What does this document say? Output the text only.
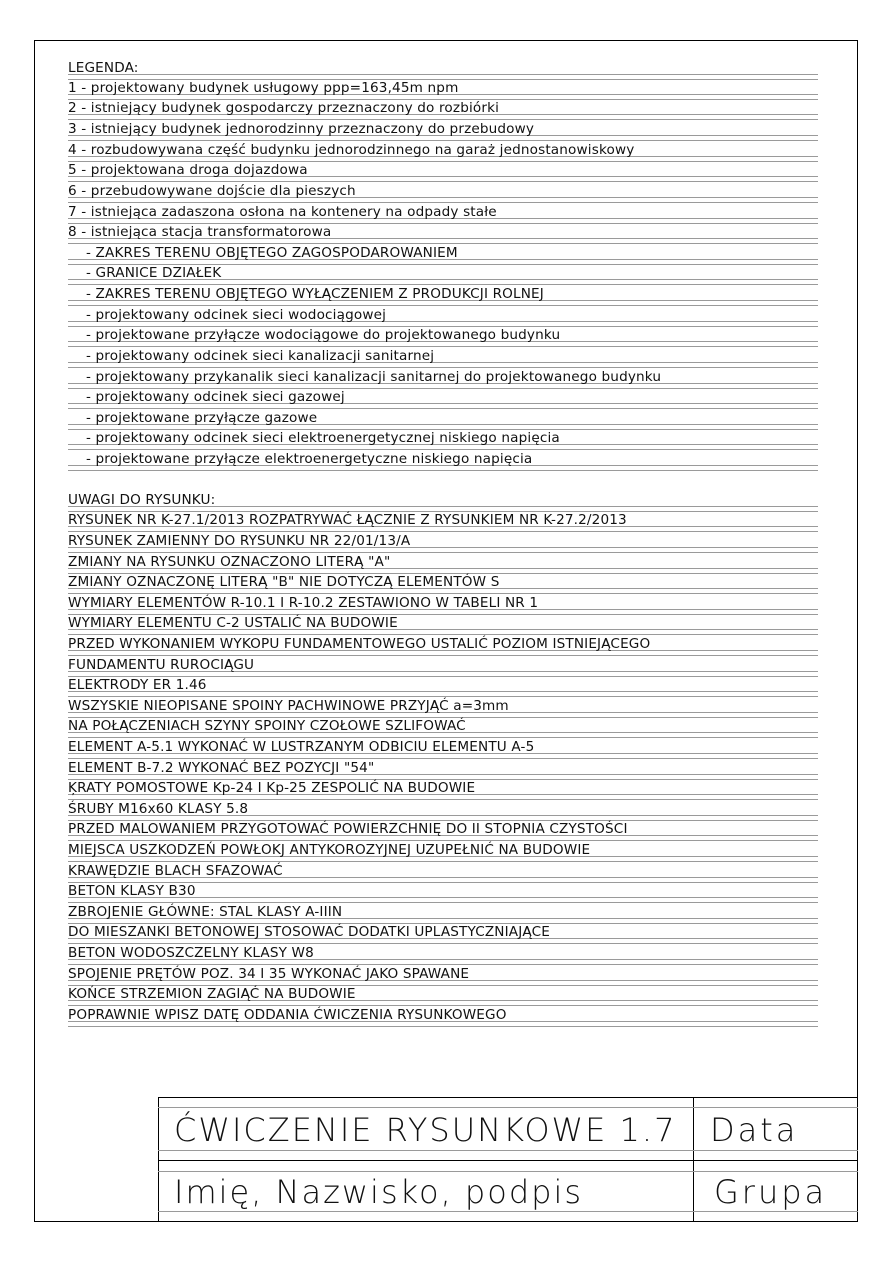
LEGENDA:
1 - projektowany budynek usługowy ppp=163,45m npm
2 - istniejący budynek gospodarczy przeznaczony do rozbiórki
3 - istniejący budynek jednorodzinny przeznaczony do przebudowy
4 - rozbudowywana część budynku jednorodzinnego na garaż jednostanowiskowy
5 - projektowana droga dojazdowa
6 - przebudowywane dojście dla pieszych
7 - istniejąca zadaszona osłona na kontenery na odpady stałe
8 - istniejąca stacja transformatorowa
- ZAKRES TERENU OBJĘTEGO ZAGOSPODAROWANIEM
- GRANICE DZIAŁEK
- ZAKRES TERENU OBJĘTEGO WYŁĄCZENIEM Z PRODUKCJI ROLNEJ
- projektowany odcinek sieci wodociągowej
- projektowane przyłącze wodociągowe do projektowanego budynku
- projektowany odcinek sieci kanalizacji sanitarnej
- projektowany przykanalik sieci kanalizacji sanitarnej do projektowanego budynku
- projektowany odcinek sieci gazowej
- projektowane przyłącze gazowe
- projektowany odcinek sieci elektroenergetycznej niskiego napięcia
- projektowane przyłącze elektroenergetyczne niskiego napięcia
UWAGI DO RYSUNKU:
RYSUNEK NR K-27.1/2013 ROZPATRYWAĆ ŁĄCZNIE Z RYSUNKIEM NR K-27.2/2013
RYSUNEK ZAMIENNY DO RYSUNKU NR 22/01/13/A
ZMIANY NA RYSUNKU OZNACZONO LITERĄ "A"
ZMIANY OZNACZONĘ LITERĄ "B" NIE DOTYCZĄ ELEMENTÓW S
WYMIARY ELEMENTÓW R-10.1 I R-10.2 ZESTAWIONO W TABELI NR 1
WYMIARY ELEMENTU C-2 USTALIĆ NA BUDOWIE
PRZED WYKONANIEM WYKOPU FUNDAMENTOWEGO USTALIĆ POZIOM ISTNIEJĄCEGO
FUNDAMENTU RUROCIĄGU
ELEKTRODY ER 1.46
WSZYSKIE NIEOPISANE SPOINY PACHWINOWE PRZYJĄĆ a=3mm
NA POŁĄCZENIACH SZYNY SPOINY CZOŁOWE SZLIFOWAĆ
ELEMENT A-5.1 WYKONAĆ W LUSTRZANYM ODBICIU ELEMENTU A-5
ELEMENT B-7.2 WYKONAĆ BEZ POZYCJI "54"
ĶRATY POMOSTOWE Kp-24 I Kp-25 ZESPOLIĆ NA BUDOWIE
ŚRUBY M16x60 KLASY 5.8
PRZED MALOWANIEM PRZYGOTOWAĆ POWIERZCHNIĘ DO II STOPNIA CZYSTOŚCI
MIEJSCA USZKODZEŃ POWŁOKJ ANTYKOROZYJNEJ UZUPEŁNIĆ NA BUDOWIE
KRAWĘDZIE BLACH SFAZOWAĆ
BETON KLASY B30
ZBROJENIE GŁÓWNE: STAL KLASY A-IIIN
DO MIESZANKI BETONOWEJ STOSOWAĆ DODATKI UPLASTYCZNIAJĄCE
BETON WODOSZCZELNY KLASY W8
SPOJENIE PRĘTÓW POZ. 34 I 35 WYKONAĆ JAKO SPAWANE
KOŃCE STRZEMION ZAGIĄĆ NA BUDOWIE
POPRAWNIE WPISZ DATĘ ODDANIA ĆWICZENIA RYSUNKOWEGO
ĆWICZENIE RYSUNKOWE 1.7 Data
Imię, Nazwisko, podpis	Grupa
